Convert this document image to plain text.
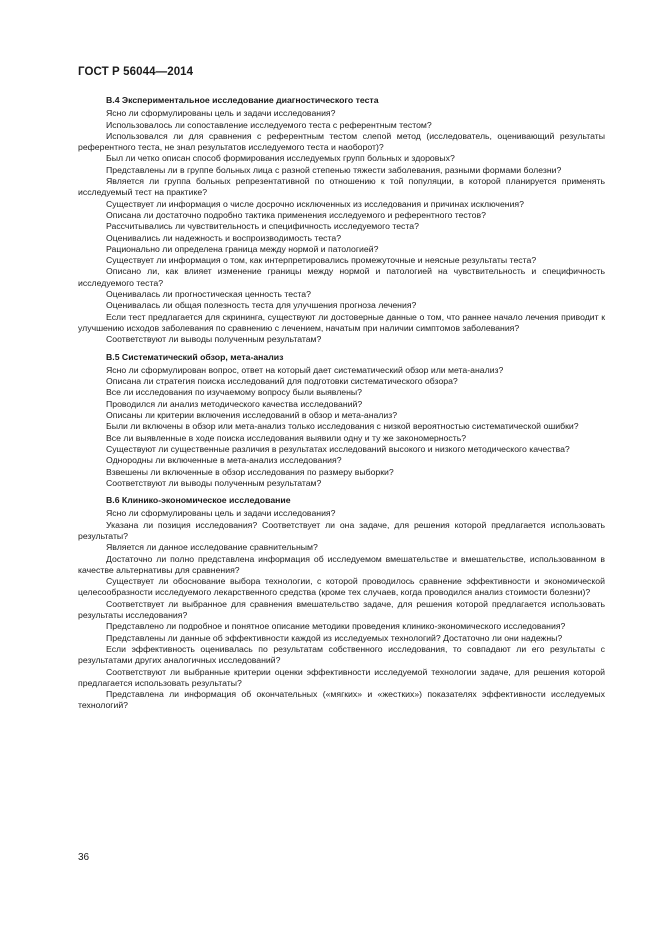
ГОСТ Р 56044—2014

В.4 Экспериментальное исследование диагностического теста

Ясно ли сформулированы цель и задачи исследования?

Использовалось ли сопоставление исследуемого теста с референтным тестом?

Использовался ли для сравнения с референтным тестом слепой метод (исследователь, оценивающий результаты референтного теста, не знал результатов исследуемого теста и наоборот)?

Был ли четко описан способ формирования исследуемых групп больных и здоровых?

Представлены ли в группе больных лица с разной степенью тяжести заболевания, разными формами болезни?

Является ли группа больных репрезентативной по отношению к той популяции, в которой планируется применять исследуемый тест на практике?

Существует ли информация о числе досрочно исключенных из исследования и причинах исключения?

Описана ли достаточно подробно тактика применения исследуемого и референтного тестов?

Рассчитывались ли чувствительность и специфичность исследуемого теста?

Оценивались ли надежность и воспроизводимость теста?

Рационально ли определена граница между нормой и патологией?

Существует ли информация о том, как интерпретировались промежуточные и неясные результаты теста?

Описано ли, как влияет изменение границы между нормой и патологией на чувствительность и специфичность исследуемого теста?

Оценивалась ли прогностическая ценность теста?

Оценивалась ли общая полезность теста для улучшения прогноза лечения?

Если тест предлагается для скрининга, существуют ли достоверные данные о том, что раннее начало лечения приводит к улучшению исходов заболевания по сравнению с лечением, начатым при наличии симптомов заболевания?

Соответствуют ли выводы полученным результатам?

В.5 Систематический обзор, мета-анализ

Ясно ли сформулирован вопрос, ответ на который дает систематический обзор или мета-анализ?

Описана ли стратегия поиска исследований для подготовки систематического обзора?

Все ли исследования по изучаемому вопросу были выявлены?

Проводился ли анализ методического качества исследований?

Описаны ли критерии включения исследований в обзор и мета-анализ?

Были ли включены в обзор или мета-анализ только исследования с низкой вероятностью систематической ошибки?

Все ли выявленные в ходе поиска исследования выявили одну и ту же закономерность?

Существуют ли существенные различия в результатах исследований высокого и низкого методического качества?

Однородны ли включенные в мета-анализ исследования?

Взвешены ли включенные в обзор исследования по размеру выборки?

Соответствуют ли выводы полученным результатам?

В.6 Клинико-экономическое исследование

Ясно ли сформулированы цель и задачи исследования?

Указана ли позиция исследования? Соответствует ли она задаче, для решения которой предлагается использовать результаты?

Является ли данное исследование сравнительным?

Достаточно ли полно представлена информация об исследуемом вмешательстве и вмешательстве, использованном в качестве альтернативы для сравнения?

Существует ли обоснование выбора технологии, с которой проводилось сравнение эффективности и экономической целесообразности исследуемого лекарственного средства (кроме тех случаев, когда проводился анализ стоимости болезни)?

Соответствует ли выбранное для сравнения вмешательство задаче, для решения которой предлагается использовать результаты исследования?

Представлено ли подробное и понятное описание методики проведения клинико-экономического исследования?

Представлены ли данные об эффективности каждой из исследуемых технологий? Достаточно ли они надежны?

Если эффективность оценивалась по результатам собственного исследования, то совпадают ли его результаты с результатами других аналогичных исследований?

Соответствуют ли выбранные критерии оценки эффективности исследуемой технологии задаче, для решения которой предлагается использовать результаты?

Представлена ли информация об окончательных («мягких» и «жестких») показателях эффективности исследуемых технологий?

36
